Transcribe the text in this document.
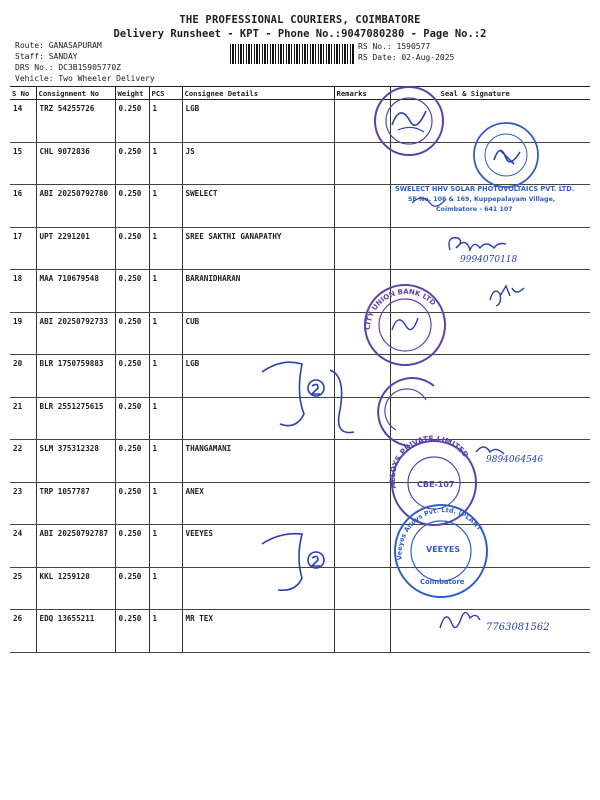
THE PROFESSIONAL COURIERS, COIMBATORE
Delivery Runsheet - KPT - Phone No.:9047080280 - Page No.:2
Route: GANASAPURAM
Staff: SANDAY
DRS No.: DC3B15905770Z
Vehicle: Two Wheeler Delivery
RS No.: 1590577
RS Date: 02-Aug-2025
S No	Consignment No	Weight	PCS	Consignee Details	Remarks	Seal & Signature
14	TRZ 54255726	0.250	1	LGB		
15	CHL 9072836	0.250	1	JS		
16	ABI 20250792780	0.250	1	SWELECT		
17	UPT 2291201	0.250	1	SREE SAKTHI GANAPATHY		
18	MAA 710679548	0.250	1	BARANIDHARAN		
19	ABI 20250792733	0.250	1	CUB		
20	BLR 1750759883	0.250	1	LGB		
21	BLR 2551275615	0.250	1			
22	SLM 375312328	0.250	1	THANGAMANI		
23	TRP 1057787	0.250	1	ANEX		
24	ABI 20250792787	0.250	1	VEEYES		
25	KKL 1259120	0.250	1			
26	EDQ 13655211	0.250	1	MR TEX		
SWELECT HHV SOLAR PHOTOVOLTAICS PVT. LTD.
SF No. 106 & 169, Kuppepalayam Village,
Coimbatore - 641 107
9994070118
CITY UNION BANK LTD
ALLOYS PRIVATE LIMITED
CBE-107
9894064546
Veeyes Alloys Pvt. Ltd. (PLANT
VEEYES
Coimbatore
7763081562
